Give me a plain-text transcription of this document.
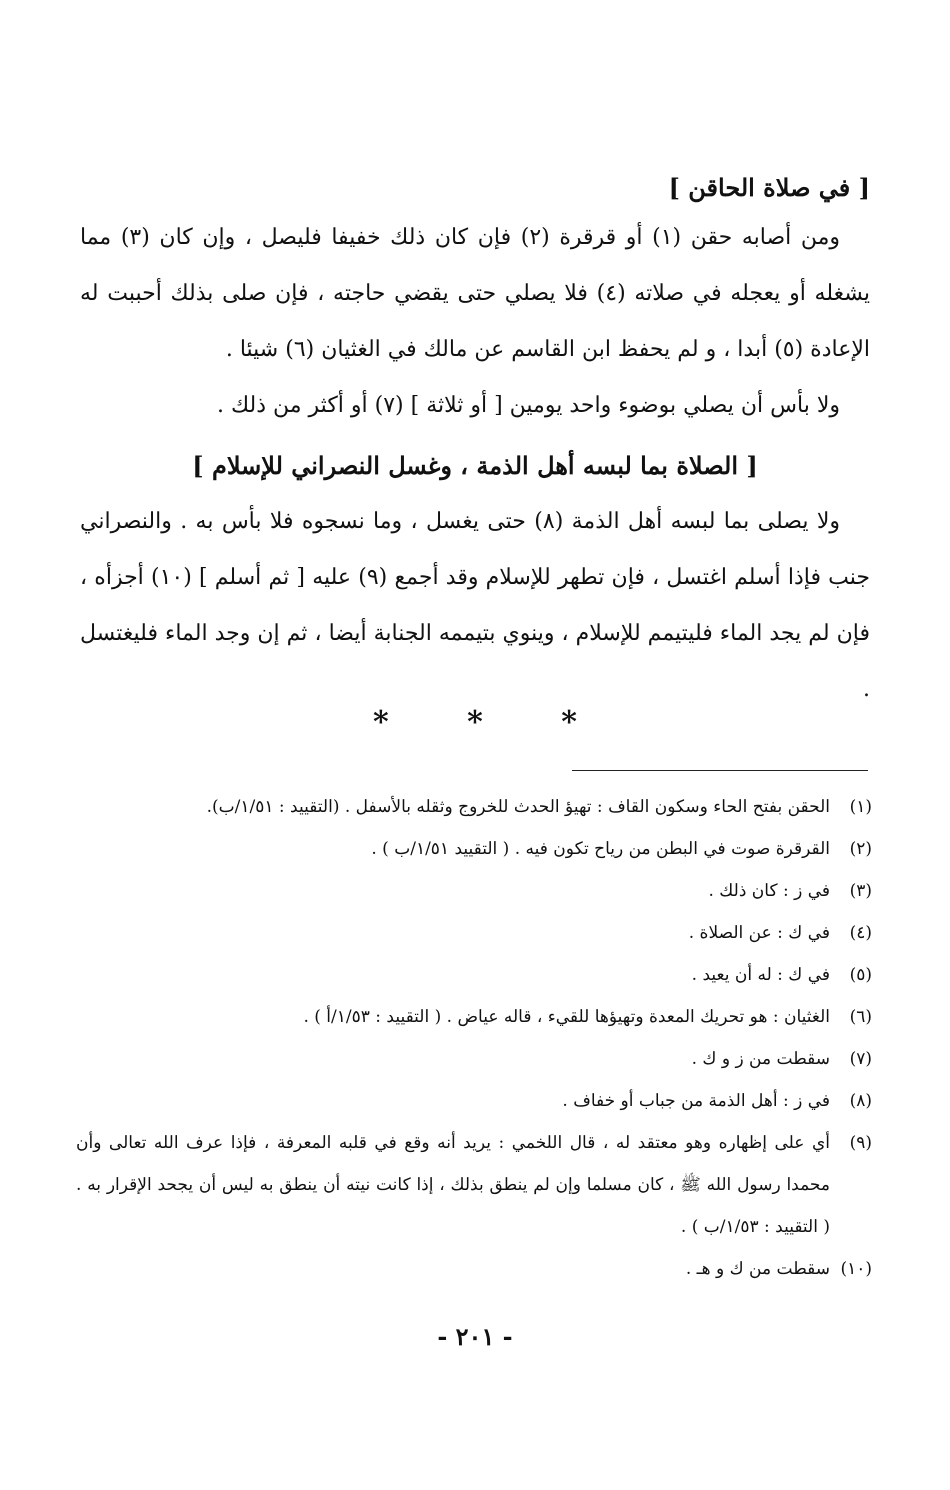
[ في صلاة الحاقن ]

ومن أصابه حقن (١) أو قرقرة (٢) فإن كان ذلك خفيفا فليصل ، وإن كان (٣) مما يشغله أو يعجله في صلاته (٤) فلا يصلي حتى يقضي حاجته ، فإن صلى بذلك أحببت له الإعادة (٥) أبدا ، و لم يحفظ ابن القاسم عن مالك في الغثيان (٦) شيئا .

ولا بأس أن يصلي بوضوء واحد يومين [ أو ثلاثة ] (٧) أو أكثر من ذلك .

[ الصلاة بما لبسه أهل الذمة ، وغسل النصراني للإسلام ]

ولا يصلى بما لبسه أهل الذمة (٨) حتى يغسل ، وما نسجوه فلا بأس به . والنصراني جنب فإذا أسلم اغتسل ، فإن تطهر للإسلام وقد أجمع (٩) عليه [ ثم أسلم ] (١٠) أجزأه ، فإن لم يجد الماء فليتيمم للإسلام ، وينوي بتيممه الجنابة أيضا ، ثم إن وجد الماء فليغتسل .

* * *

(١)
الحقن بفتح الحاء وسكون القاف : تهيؤ الحدث للخروج وثقله بالأسفل . (التقييد : ١/٥١/ب).

(٢)
القرقرة صوت في البطن من رياح تكون فيه . ( التقييد ١/٥١/ب ) .

(٣)
في ز : كان ذلك .

(٤)
في ك : عن الصلاة .

(٥)
في ك : له أن يعيد .

(٦)
الغثيان : هو تحريك المعدة وتهيؤها للقيء ، قاله عياض . ( التقييد : ١/٥٣/أ ) .

(٧)
سقطت من ز و ك .

(٨)
في ز : أهل الذمة من جباب أو خفاف .

(٩)
أي على إظهاره وهو معتقد له ، قال اللخمي : يريد أنه وقع في قلبه المعرفة ، فإذا عرف الله تعالى وأن محمدا رسول الله ﷺ ، كان مسلما وإن لم ينطق بذلك ، إذا كانت نيته أن ينطق به ليس أن يجحد الإقرار به . ( التقييد : ١/٥٣/ب ) .

(١٠)
سقطت من ك و هـ .

- ٢٠١ -
